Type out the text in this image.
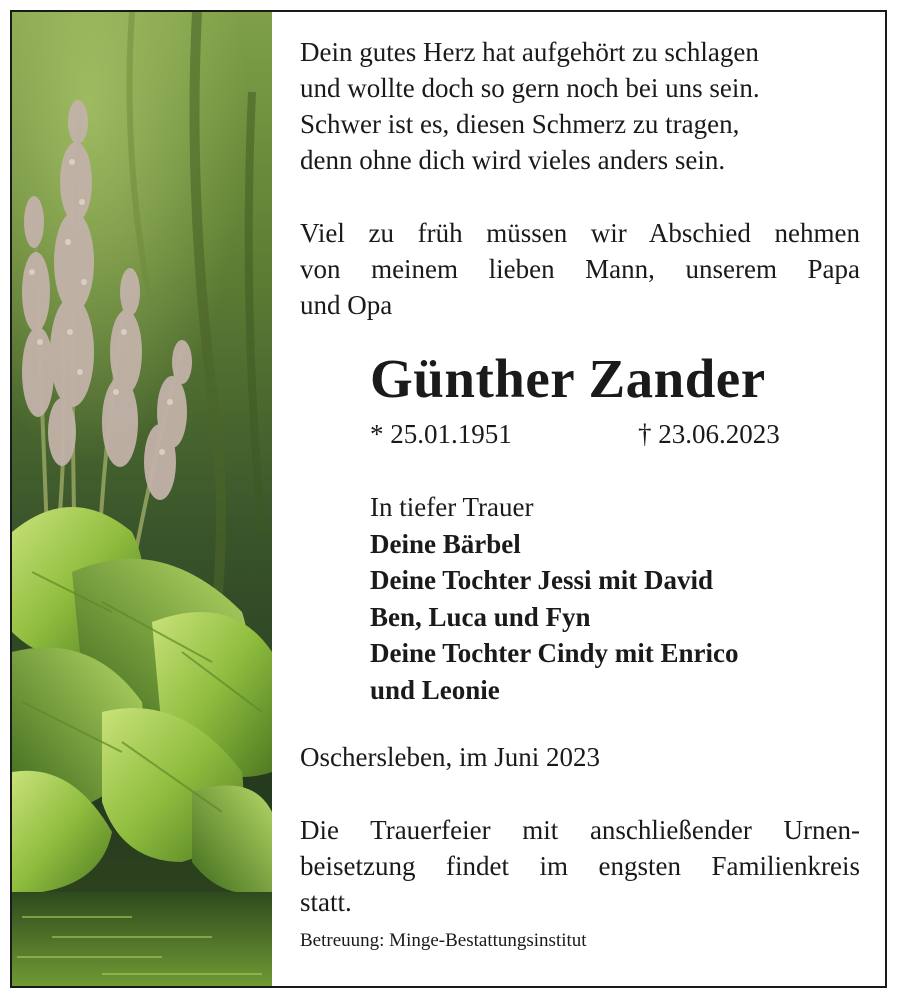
Dein gutes Herz hat aufgehört zu schlagen
und wollte doch so gern noch bei uns sein.
Schwer ist es, diesen Schmerz zu tragen,
denn ohne dich wird vieles anders sein.

Viel zu früh müssen wir Abschied nehmen
von meinem lieben Mann, unserem Papa
und Opa

Günther Zander
* 25.01.1951	† 23.06.2023

In tiefer Trauer
Deine Bärbel
Deine Tochter Jessi mit David
Ben, Luca und Fyn
Deine Tochter Cindy mit Enrico
und Leonie

Oschersleben, im Juni 2023

Die Trauerfeier mit anschließender Urnen-
beisetzung findet im engsten Familienkreis
statt.

Betreuung: Minge-Bestattungsinstitut
